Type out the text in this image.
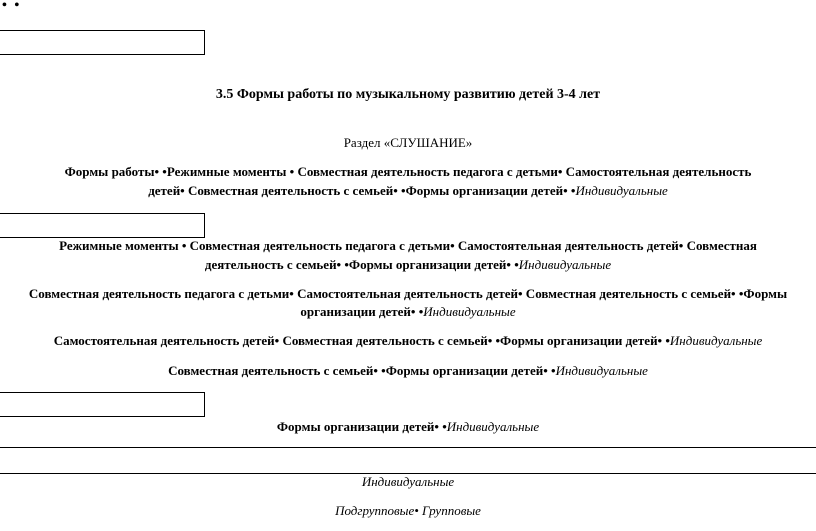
• •
3.5 Формы работы по музыкальному развитию детей 3-4 лет
Раздел «СЛУШАНИЕ»
Формы работы• •Режимные моменты • Совместная деятельность педагога с детьми• Самостоятельная деятельность
детей• Совместная деятельность с семьей• •Формы организации детей• •Индивидуальные
Режимные моменты • Совместная деятельность педагога с детьми• Самостоятельная деятельность детей• Совместная
деятельность с семьей• •Формы организации детей• •Индивидуальные
Совместная деятельность педагога с детьми• Самостоятельная деятельность детей• Совместная деятельность с семьей• •Формы
организации детей• •Индивидуальные
Самостоятельная деятельность детей• Совместная деятельность с семьей• •Формы организации детей• •Индивидуальные
Совместная деятельность с семьей• •Формы организации детей• •Индивидуальные
Формы организации детей• •Индивидуальные
Индивидуальные
Подгрупповые• Групповые
